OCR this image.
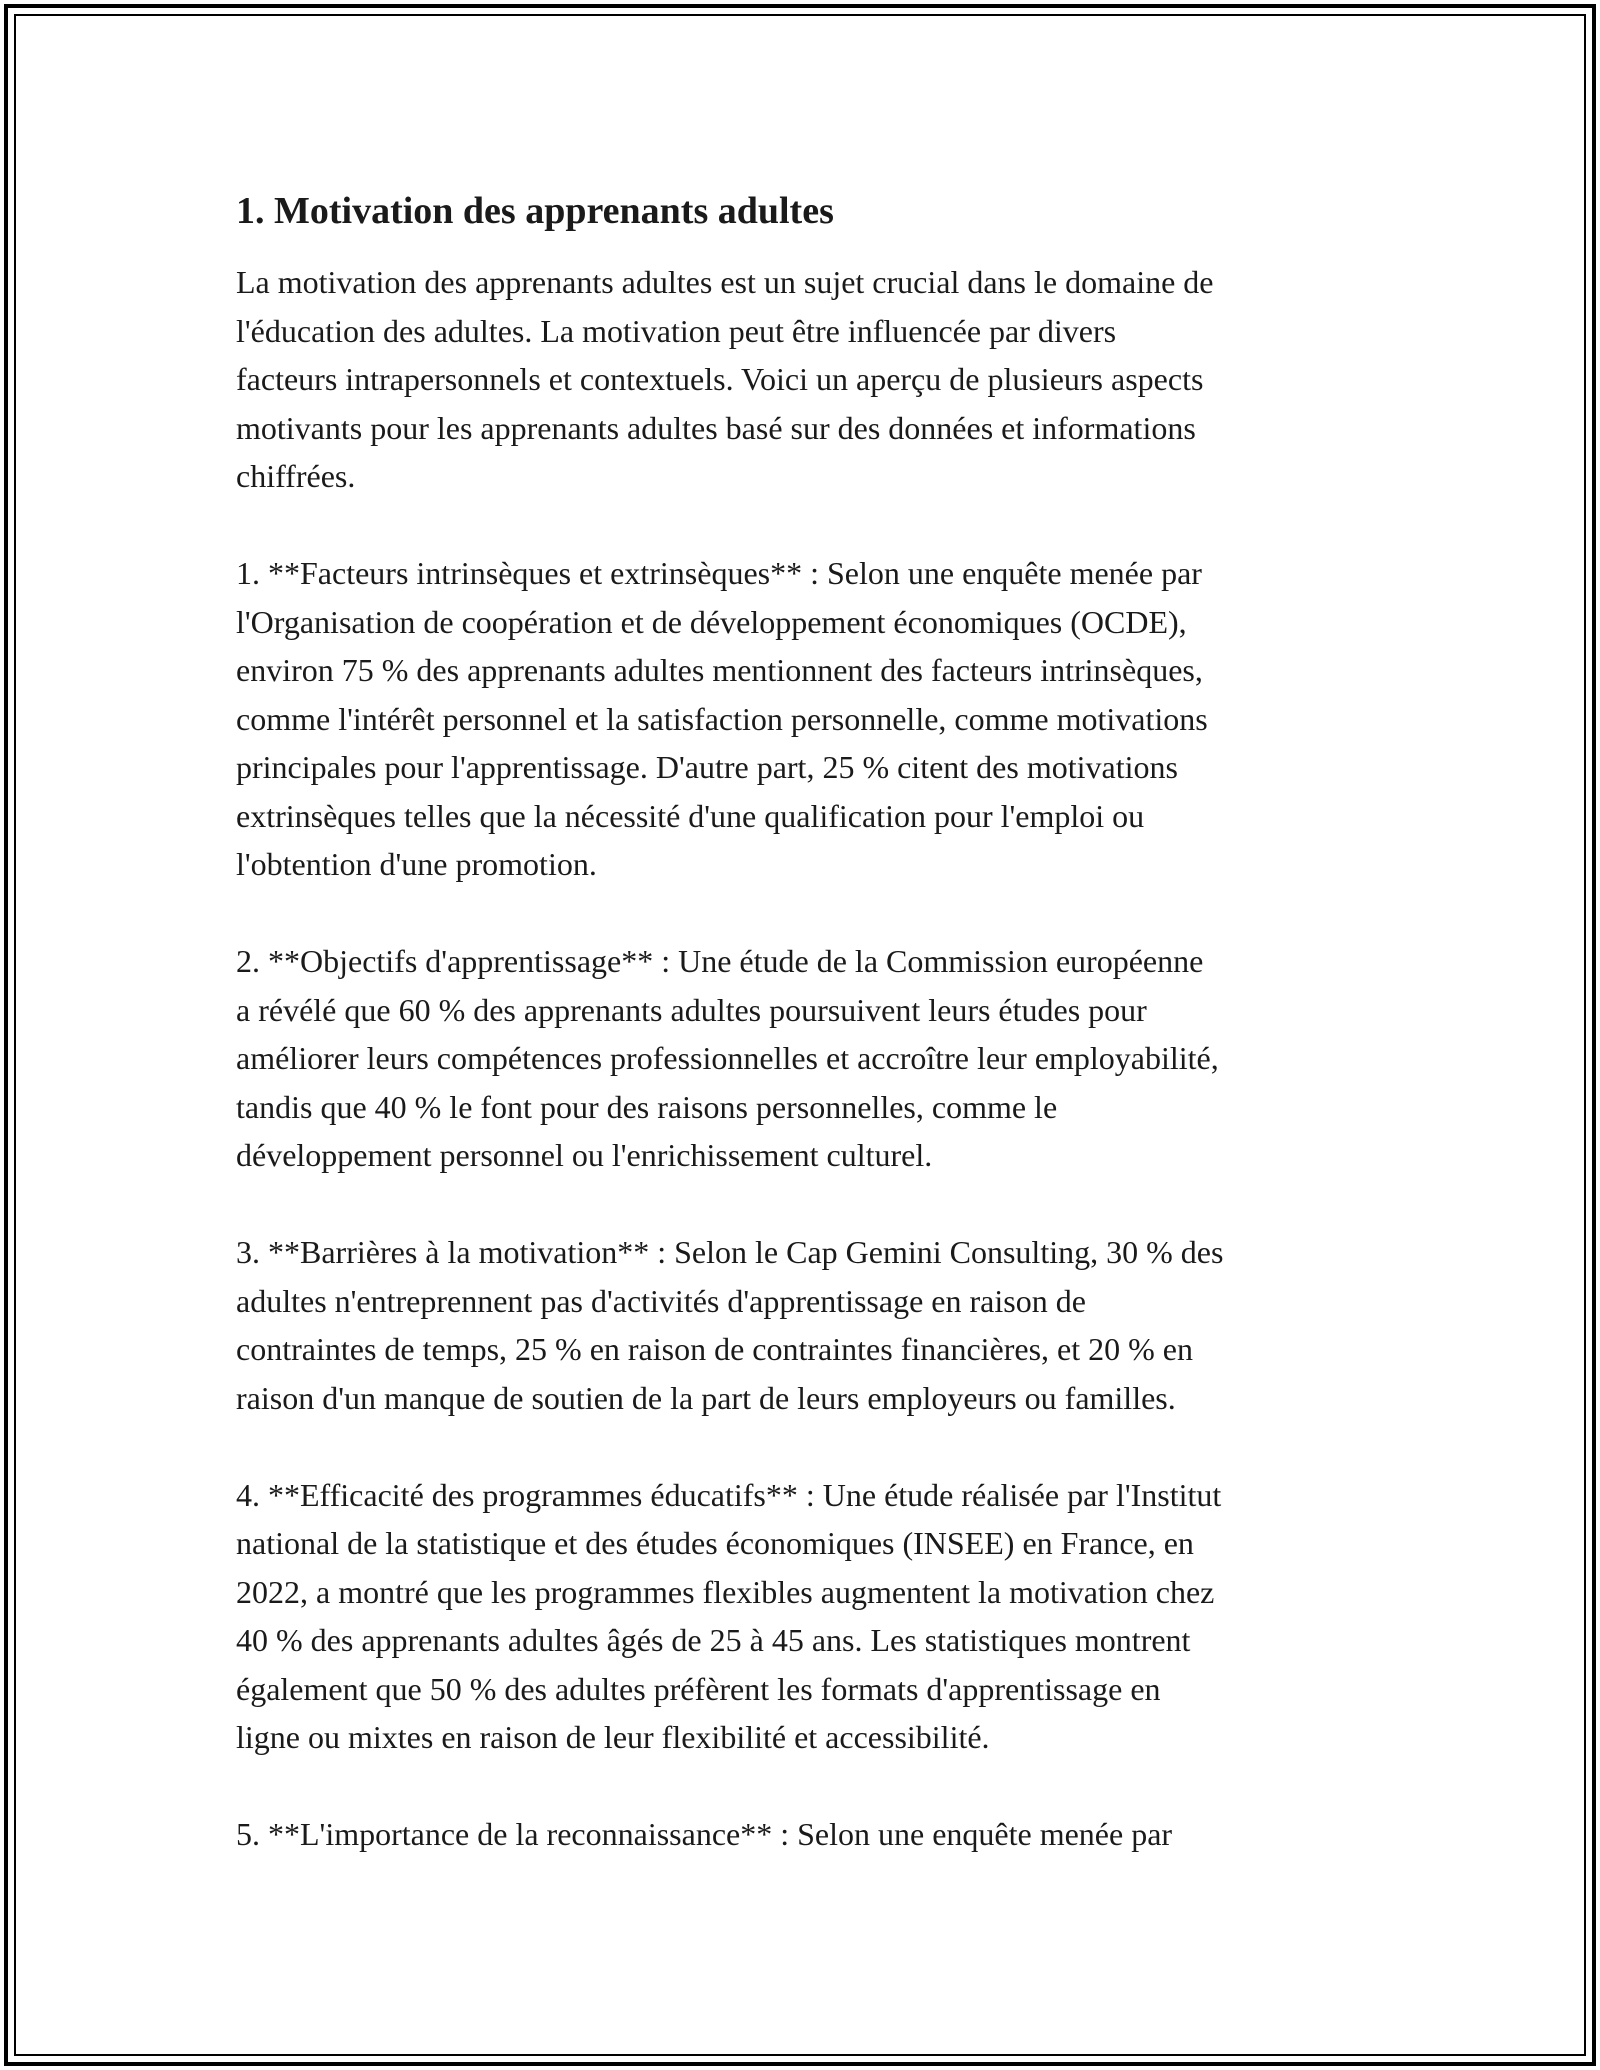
1. Motivation des apprenants adultes

La motivation des apprenants adultes est un sujet crucial dans le domaine de
l'éducation des adultes. La motivation peut être influencée par divers
facteurs intrapersonnels et contextuels. Voici un aperçu de plusieurs aspects
motivants pour les apprenants adultes basé sur des données et informations
chiffrées.

1. **Facteurs intrinsèques et extrinsèques** : Selon une enquête menée par
l'Organisation de coopération et de développement économiques (OCDE),
environ 75 % des apprenants adultes mentionnent des facteurs intrinsèques,
comme l'intérêt personnel et la satisfaction personnelle, comme motivations
principales pour l'apprentissage. D'autre part, 25 % citent des motivations
extrinsèques telles que la nécessité d'une qualification pour l'emploi ou
l'obtention d'une promotion.

2. **Objectifs d'apprentissage** : Une étude de la Commission européenne
a révélé que 60 % des apprenants adultes poursuivent leurs études pour
améliorer leurs compétences professionnelles et accroître leur employabilité,
tandis que 40 % le font pour des raisons personnelles, comme le
développement personnel ou l'enrichissement culturel.

3. **Barrières à la motivation** : Selon le Cap Gemini Consulting, 30 % des
adultes n'entreprennent pas d'activités d'apprentissage en raison de
contraintes de temps, 25 % en raison de contraintes financières, et 20 % en
raison d'un manque de soutien de la part de leurs employeurs ou familles.

4. **Efficacité des programmes éducatifs** : Une étude réalisée par l'Institut
national de la statistique et des études économiques (INSEE) en France, en
2022, a montré que les programmes flexibles augmentent la motivation chez
40 % des apprenants adultes âgés de 25 à 45 ans. Les statistiques montrent
également que 50 % des adultes préfèrent les formats d'apprentissage en
ligne ou mixtes en raison de leur flexibilité et accessibilité.

5. **L'importance de la reconnaissance** : Selon une enquête menée par
